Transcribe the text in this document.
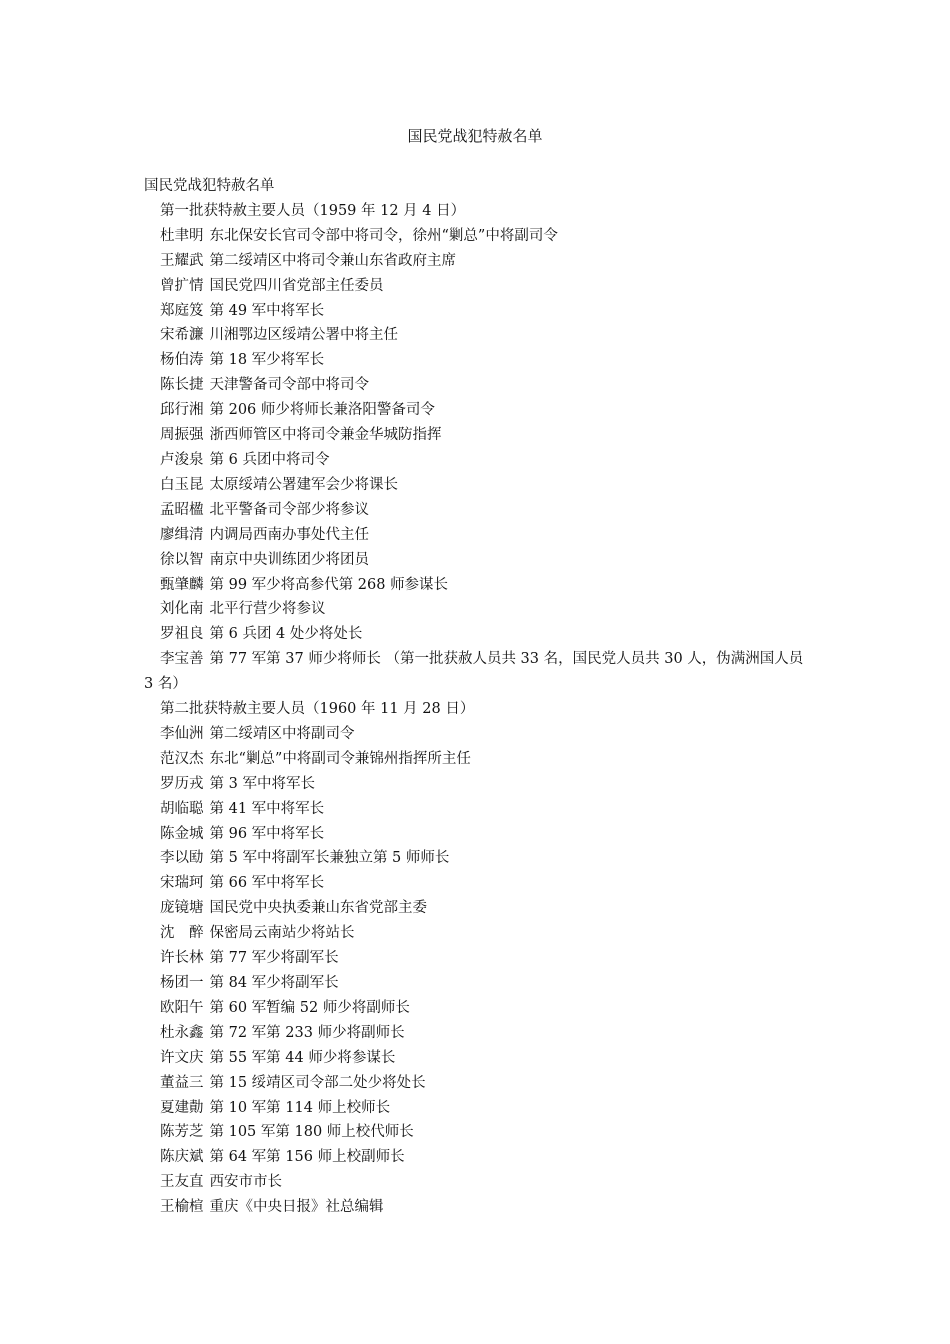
国民党战犯特赦名单
国民党战犯特赦名单
第一批获特赦主要人员（1959 年 12 月 4 日）
杜聿明 东北保安长官司令部中将司令，徐州“剿总”中将副司令
王耀武 第二绥靖区中将司令兼山东省政府主席
曾扩情 国民党四川省党部主任委员
郑庭笈 第 49 军中将军长
宋希濂 川湘鄂边区绥靖公署中将主任
杨伯涛 第 18 军少将军长
陈长捷 天津警备司令部中将司令
邱行湘 第 206 师少将师长兼洛阳警备司令
周振强 浙西师管区中将司令兼金华城防指挥
卢浚泉 第 6 兵团中将司令
白玉昆 太原绥靖公署建军会少将课长
孟昭楹 北平警备司令部少将参议
廖缉清 内调局西南办事处代主任
徐以智 南京中央训练团少将团员
甄肇麟 第 99 军少将高参代第 268 师参谋长
刘化南 北平行营少将参议
罗祖良 第 6 兵团 4 处少将处长
李宝善 第 77 军第 37 师少将师长 （第一批获赦人员共 33 名，国民党人员共 30 人，伪满洲国人员 3 名）
第二批获特赦主要人员（1960 年 11 月 28 日）
李仙洲 第二绥靖区中将副司令
范汉杰 东北“剿总”中将副司令兼锦州指挥所主任
罗历戎 第 3 军中将军长
胡临聪 第 41 军中将军长
陈金城 第 96 军中将军长
李以劻 第 5 军中将副军长兼独立第 5 师师长
宋瑞珂 第 66 军中将军长
庞镜塘 国民党中央执委兼山东省党部主委
沈　醉 保密局云南站少将站长
许长林 第 77 军少将副军长
杨团一 第 84 军少将副军长
欧阳午 第 60 军暂编 52 师少将副师长
杜永鑫 第 72 军第 233 师少将副师长
许文庆 第 55 军第 44 师少将参谋长
董益三 第 15 绥靖区司令部二处少将处长
夏建勣 第 10 军第 114 师上校师长
陈芳芝 第 105 军第 180 师上校代师长
陈庆斌 第 64 军第 156 师上校副师长
王友直 西安市市长
王榆楦 重庆《中央日报》社总编辑
